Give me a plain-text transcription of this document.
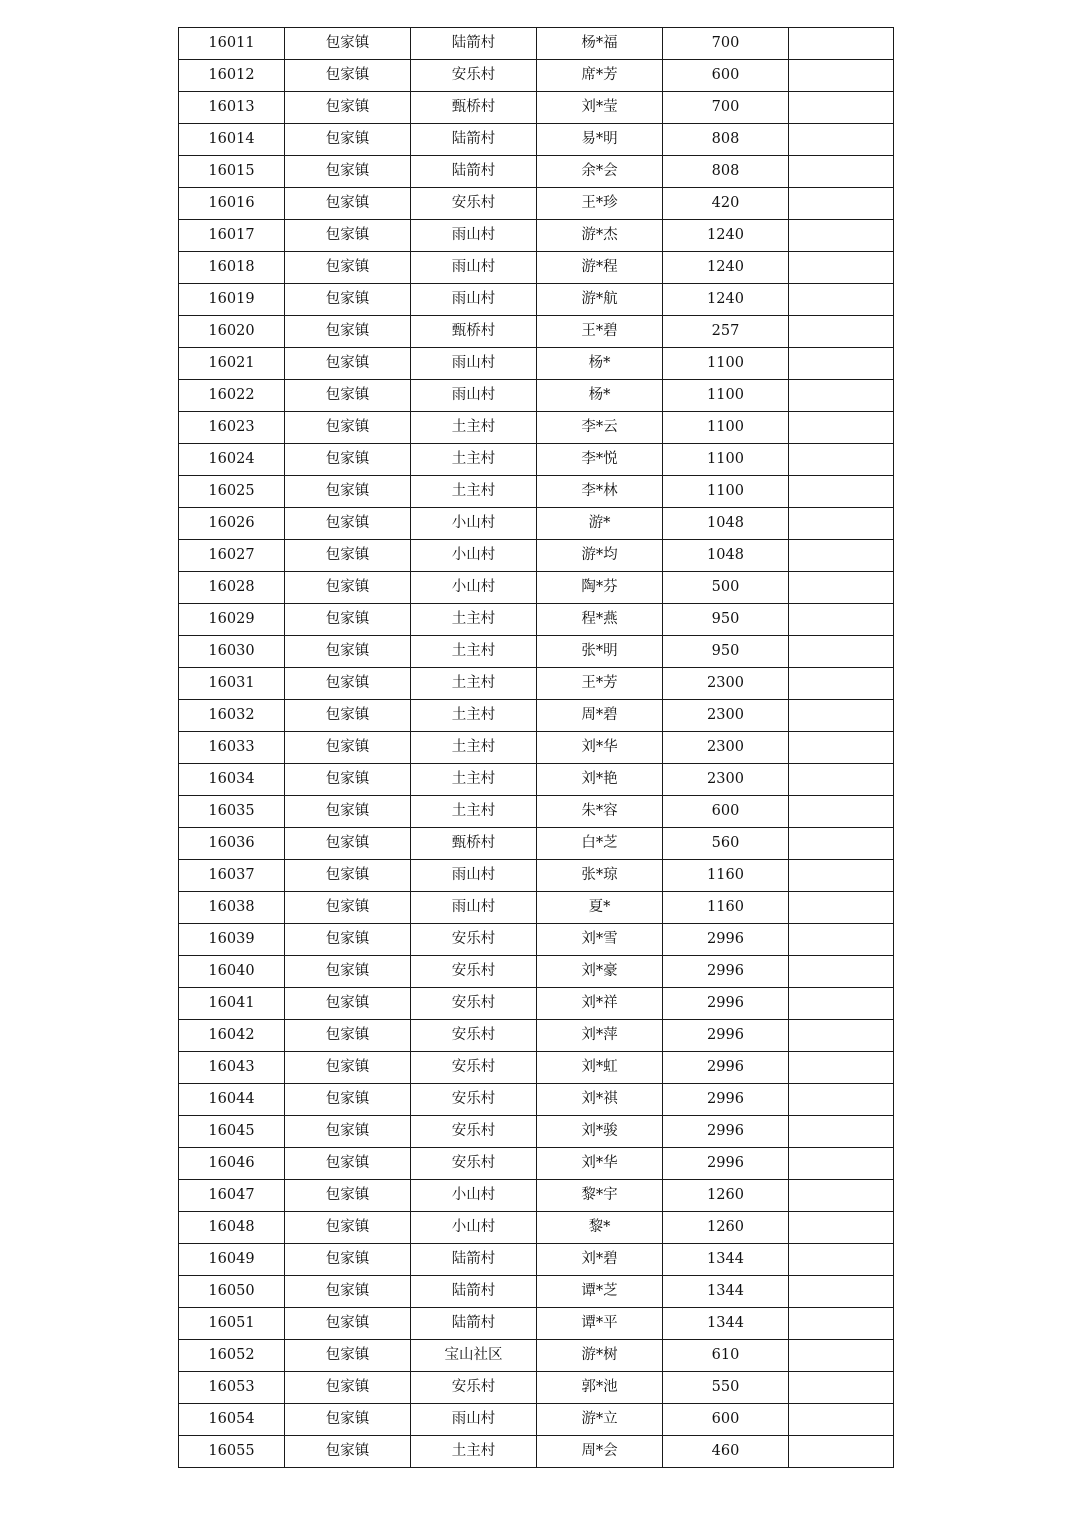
16011	包家镇	陆箭村	杨*福	700	
16012	包家镇	安乐村	席*芳	600	
16013	包家镇	甄桥村	刘*莹	700	
16014	包家镇	陆箭村	易*明	808	
16015	包家镇	陆箭村	余*会	808	
16016	包家镇	安乐村	王*珍	420	
16017	包家镇	雨山村	游*杰	1240	
16018	包家镇	雨山村	游*程	1240	
16019	包家镇	雨山村	游*航	1240	
16020	包家镇	甄桥村	王*碧	257	
16021	包家镇	雨山村	杨*	1100	
16022	包家镇	雨山村	杨*	1100	
16023	包家镇	土主村	李*云	1100	
16024	包家镇	土主村	李*悦	1100	
16025	包家镇	土主村	李*林	1100	
16026	包家镇	小山村	游*	1048	
16027	包家镇	小山村	游*均	1048	
16028	包家镇	小山村	陶*芬	500	
16029	包家镇	土主村	程*燕	950	
16030	包家镇	土主村	张*明	950	
16031	包家镇	土主村	王*芳	2300	
16032	包家镇	土主村	周*碧	2300	
16033	包家镇	土主村	刘*华	2300	
16034	包家镇	土主村	刘*艳	2300	
16035	包家镇	土主村	朱*容	600	
16036	包家镇	甄桥村	白*芝	560	
16037	包家镇	雨山村	张*琼	1160	
16038	包家镇	雨山村	夏*	1160	
16039	包家镇	安乐村	刘*雪	2996	
16040	包家镇	安乐村	刘*豪	2996	
16041	包家镇	安乐村	刘*祥	2996	
16042	包家镇	安乐村	刘*萍	2996	
16043	包家镇	安乐村	刘*虹	2996	
16044	包家镇	安乐村	刘*祺	2996	
16045	包家镇	安乐村	刘*骏	2996	
16046	包家镇	安乐村	刘*华	2996	
16047	包家镇	小山村	黎*宇	1260	
16048	包家镇	小山村	黎*	1260	
16049	包家镇	陆箭村	刘*碧	1344	
16050	包家镇	陆箭村	谭*芝	1344	
16051	包家镇	陆箭村	谭*平	1344	
16052	包家镇	宝山社区	游*树	610	
16053	包家镇	安乐村	郭*池	550	
16054	包家镇	雨山村	游*立	600	
16055	包家镇	土主村	周*会	460	
